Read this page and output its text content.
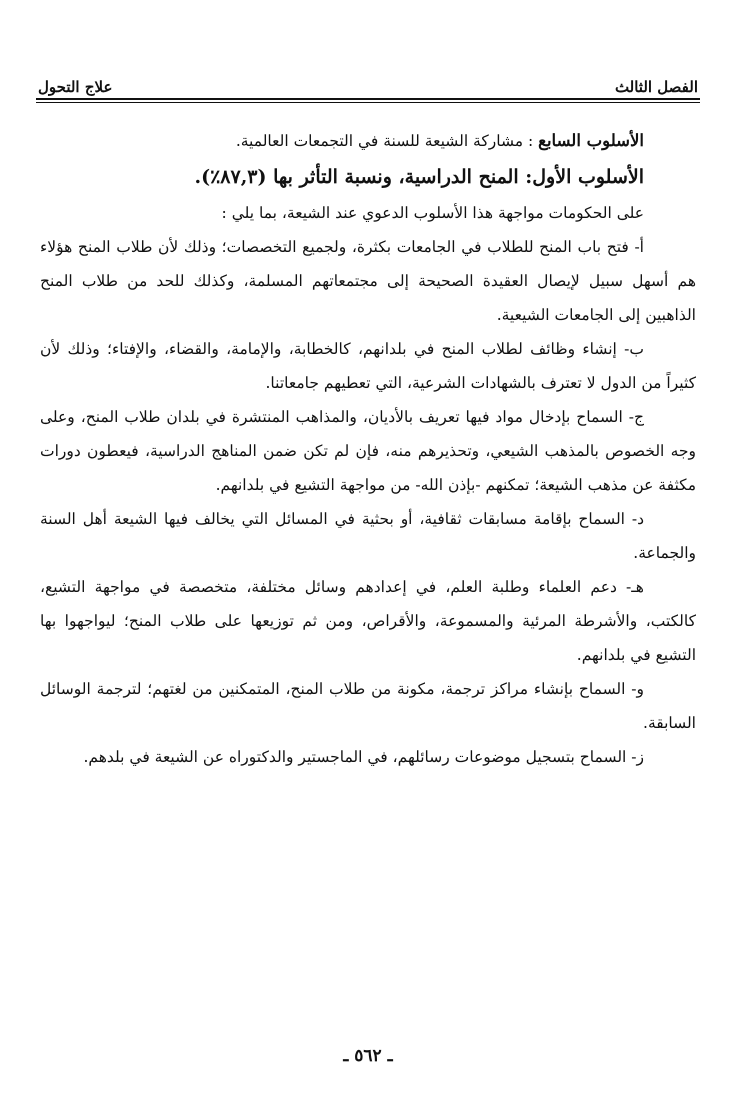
الفصل الثالث
علاج التحول

الأسلوب السابع : مشاركة الشيعة للسنة في التجمعات العالمية.

الأسلوب الأول: المنح الدراسية، ونسبة التأثر بها (٨٧,٣٪).

على الحكومات مواجهة هذا الأسلوب الدعوي عند الشيعة، بما يلي :

أ- فتح باب المنح للطلاب في الجامعات بكثرة، ولجميع التخصصات؛ وذلك لأن طلاب المنح هؤلاء هم أسهل سبيل لإيصال العقيدة الصحيحة إلى مجتمعاتهم المسلمة، وكذلك للحد من طلاب المنح الذاهبين إلى الجامعات الشيعية.

ب- إنشاء وظائف لطلاب المنح في بلدانهم، كالخطابة، والإمامة، والقضاء، والإفتاء؛ وذلك لأن كثيراً من الدول لا تعترف بالشهادات الشرعية، التي تعطيهم جامعاتنا.

ج- السماح بإدخال مواد فيها تعريف بالأديان، والمذاهب المنتشرة في بلدان طلاب المنح، وعلى وجه الخصوص بالمذهب الشيعي، وتحذيرهم منه، فإن لم تكن ضمن المناهج الدراسية، فيعطون دورات مكثفة عن مذهب الشيعة؛ تمكنهم -بإذن الله- من مواجهة التشيع في بلدانهم.

د- السماح بإقامة مسابقات ثقافية، أو بحثية في المسائل التي يخالف فيها الشيعة أهل السنة والجماعة.

هـ- دعم العلماء وطلبة العلم، في إعدادهم وسائل مختلفة، متخصصة في مواجهة التشيع، كالكتب، والأشرطة المرئية والمسموعة، والأقراص، ومن ثم توزيعها على طلاب المنح؛ ليواجهوا بها التشيع في بلدانهم.

و- السماح بإنشاء مراكز ترجمة، مكونة من طلاب المنح، المتمكنين من لغتهم؛ لترجمة الوسائل السابقة.

ز- السماح بتسجيل موضوعات رسائلهم، في الماجستير والدكتوراه عن الشيعة في بلدهم.

ـ ٥٦٢ ـ
